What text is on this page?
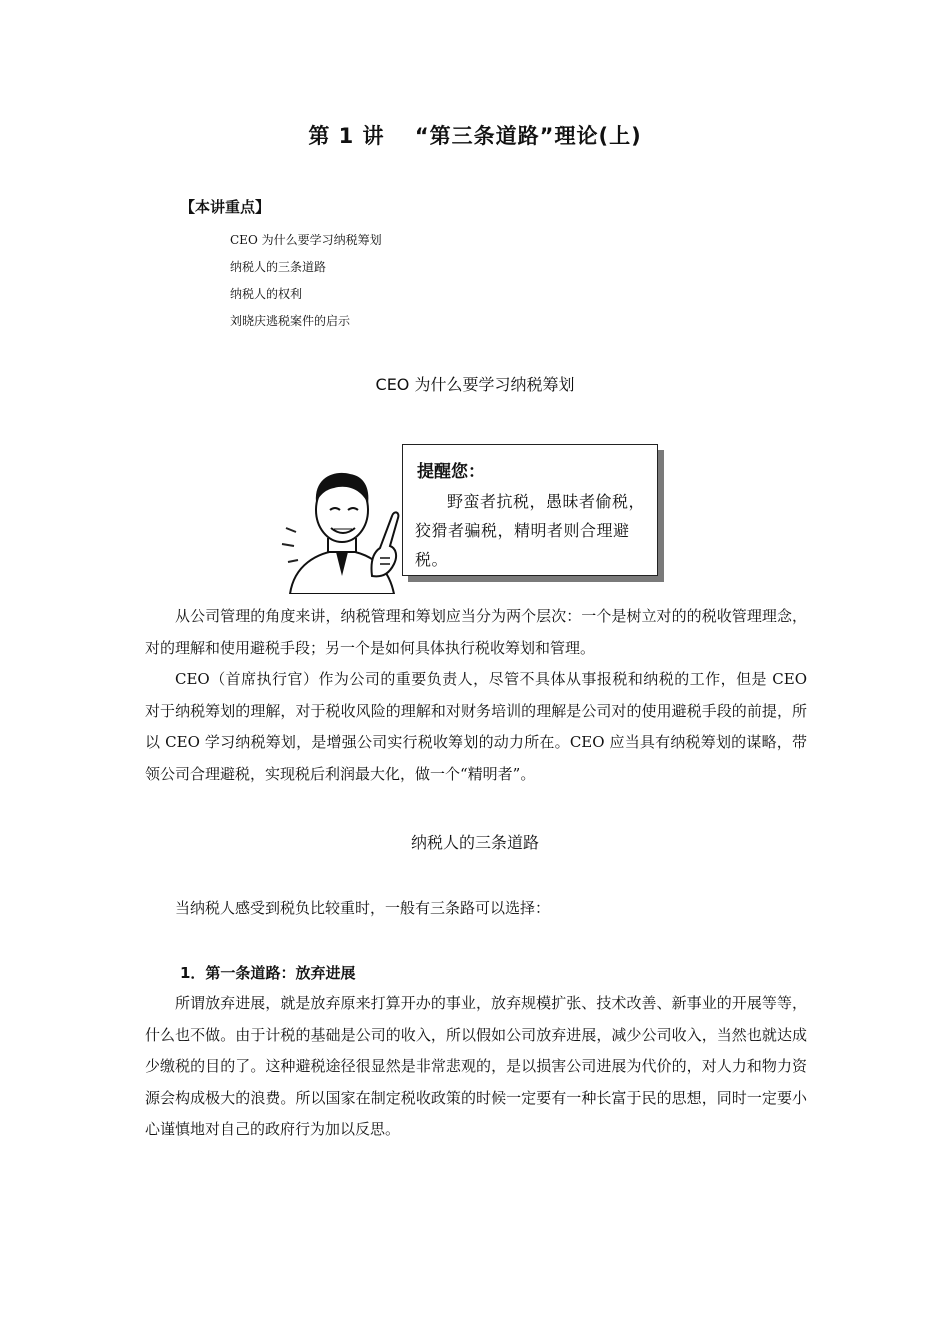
第 1 讲　 “第三条道路”理论(上)
【本讲重点】
CEO 为什么要学习纳税筹划
纳税人的三条道路
纳税人的权利
刘晓庆逃税案件的启示
CEO 为什么要学习纳税筹划
提醒您：
野蛮者抗税，愚昧者偷税，狡猾者骗税，精明者则合理避税。

从公司管理的角度来讲，纳税管理和筹划应当分为两个层次：一个是树立对的的税收管理理念，对的理解和使用避税手段；另一个是如何具体执行税收筹划和管理。

CEO（首席执行官）作为公司的重要负责人，尽管不具体从事报税和纳税的工作，但是 CEO 对于纳税筹划的理解，对于税收风险的理解和对财务培训的理解是公司对的使用避税手段的前提，所以 CEO 学习纳税筹划，是增强公司实行税收筹划的动力所在。CEO 应当具有纳税筹划的谋略，带领公司合理避税，实现税后利润最大化，做一个“精明者”。

纳税人的三条道路

当纳税人感受到税负比较重时，一般有三条路可以选择：

1．第一条道路：放弃进展

所谓放弃进展，就是放弃原来打算开办的事业，放弃规模扩张、技术改善、新事业的开展等等，什么也不做。由于计税的基础是公司的收入，所以假如公司放弃进展，减少公司收入，当然也就达成少缴税的目的了。这种避税途径很显然是非常悲观的，是以损害公司进展为代价的，对人力和物力资源会构成极大的浪费。所以国家在制定税收政策的时候一定要有一种长富于民的思想，同时一定要小心谨慎地对自己的政府行为加以反思。
